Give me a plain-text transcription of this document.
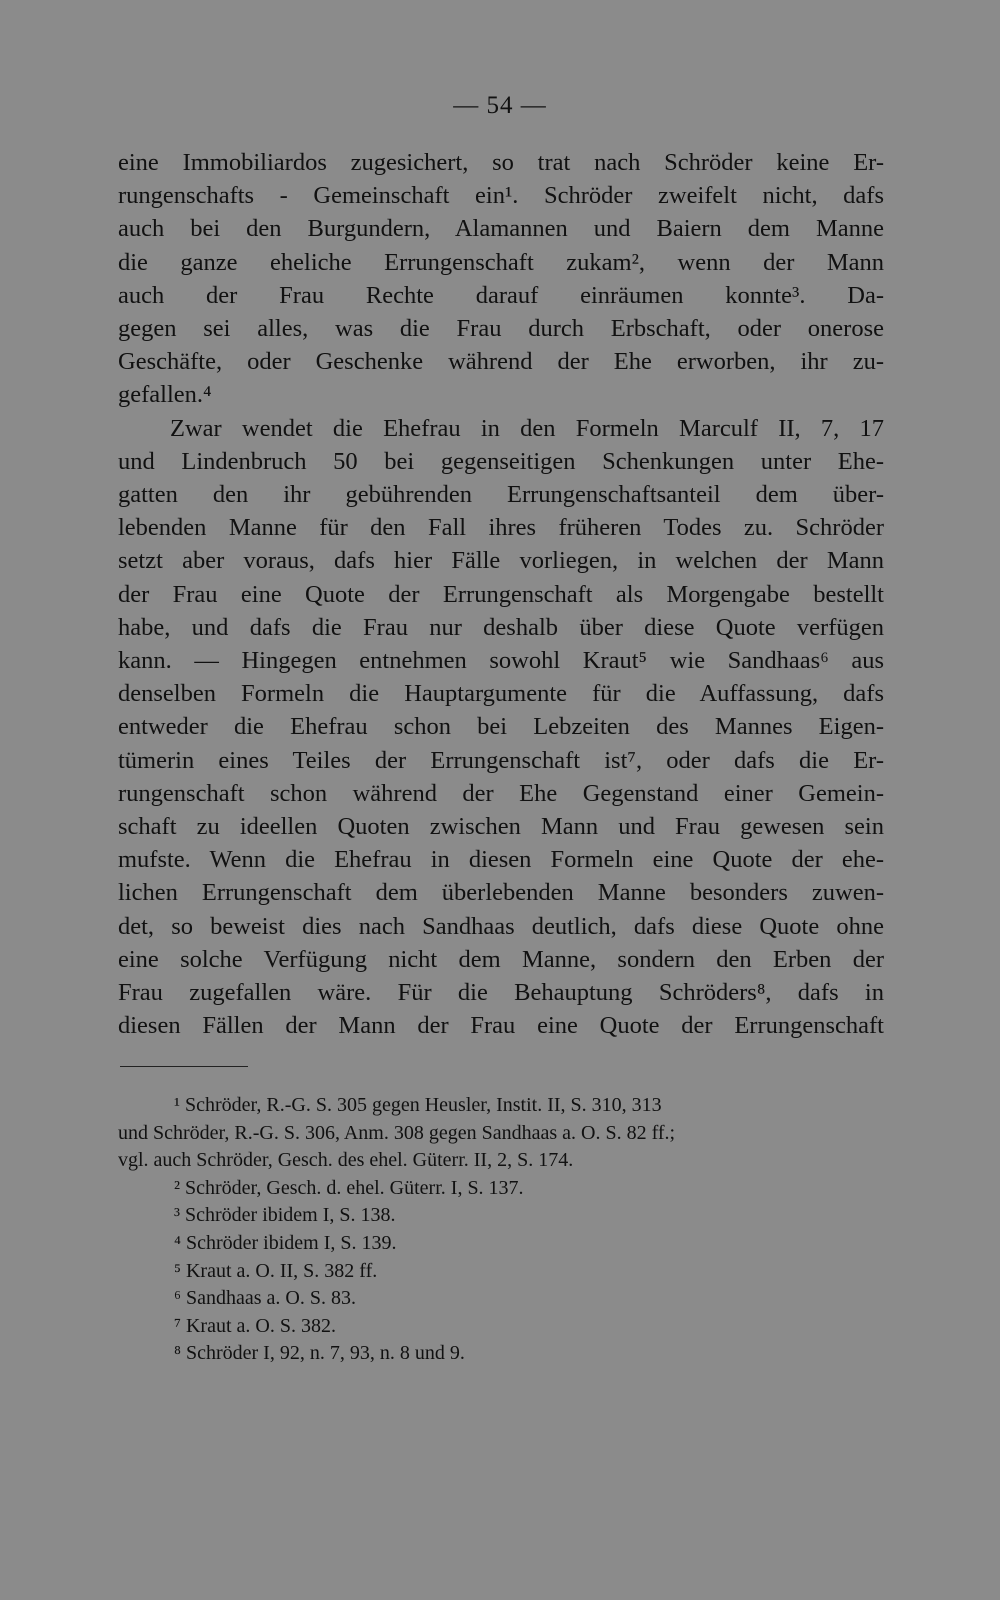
— 54 —
eine Immobiliardos zugesichert, so trat nach Schröder keine Er-
rungenschafts - Gemeinschaft ein¹. Schröder zweifelt nicht, dafs
auch bei den Burgundern, Alamannen und Baiern dem Manne
die ganze eheliche Errungenschaft zukam², wenn der Mann
auch der Frau Rechte darauf einräumen konnte³. Da-
gegen sei alles, was die Frau durch Erbschaft, oder onerose
Geschäfte, oder Geschenke während der Ehe erworben, ihr zu-
gefallen.⁴
Zwar wendet die Ehefrau in den Formeln Marculf II, 7, 17
und Lindenbruch 50 bei gegenseitigen Schenkungen unter Ehe-
gatten den ihr gebührenden Errungenschaftsanteil dem über-
lebenden Manne für den Fall ihres früheren Todes zu. Schröder
setzt aber voraus, dafs hier Fälle vorliegen, in welchen der Mann
der Frau eine Quote der Errungenschaft als Morgengabe bestellt
habe, und dafs die Frau nur deshalb über diese Quote verfügen
kann. — Hingegen entnehmen sowohl Kraut⁵ wie Sandhaas⁶ aus
denselben Formeln die Hauptargumente für die Auffassung, dafs
entweder die Ehefrau schon bei Lebzeiten des Mannes Eigen-
tümerin eines Teiles der Errungenschaft ist⁷, oder dafs die Er-
rungenschaft schon während der Ehe Gegenstand einer Gemein-
schaft zu ideellen Quoten zwischen Mann und Frau gewesen sein
mufste. Wenn die Ehefrau in diesen Formeln eine Quote der ehe-
lichen Errungenschaft dem überlebenden Manne besonders zuwen-
det, so beweist dies nach Sandhaas deutlich, dafs diese Quote ohne
eine solche Verfügung nicht dem Manne, sondern den Erben der
Frau zugefallen wäre. Für die Behauptung Schröders⁸, dafs in
diesen Fällen der Mann der Frau eine Quote der Errungenschaft
¹ Schröder, R.-G. S. 305 gegen Heusler, Instit. II, S. 310, 313
und Schröder, R.-G. S. 306, Anm. 308 gegen Sandhaas a. O. S. 82 ff.;
vgl. auch Schröder, Gesch. des ehel. Güterr. II, 2, S. 174.
² Schröder, Gesch. d. ehel. Güterr. I, S. 137.
³ Schröder ibidem I, S. 138.
⁴ Schröder ibidem I, S. 139.
⁵ Kraut a. O. II, S. 382 ff.
⁶ Sandhaas a. O. S. 83.
⁷ Kraut a. O. S. 382.
⁸ Schröder I, 92, n. 7, 93, n. 8 und 9.
